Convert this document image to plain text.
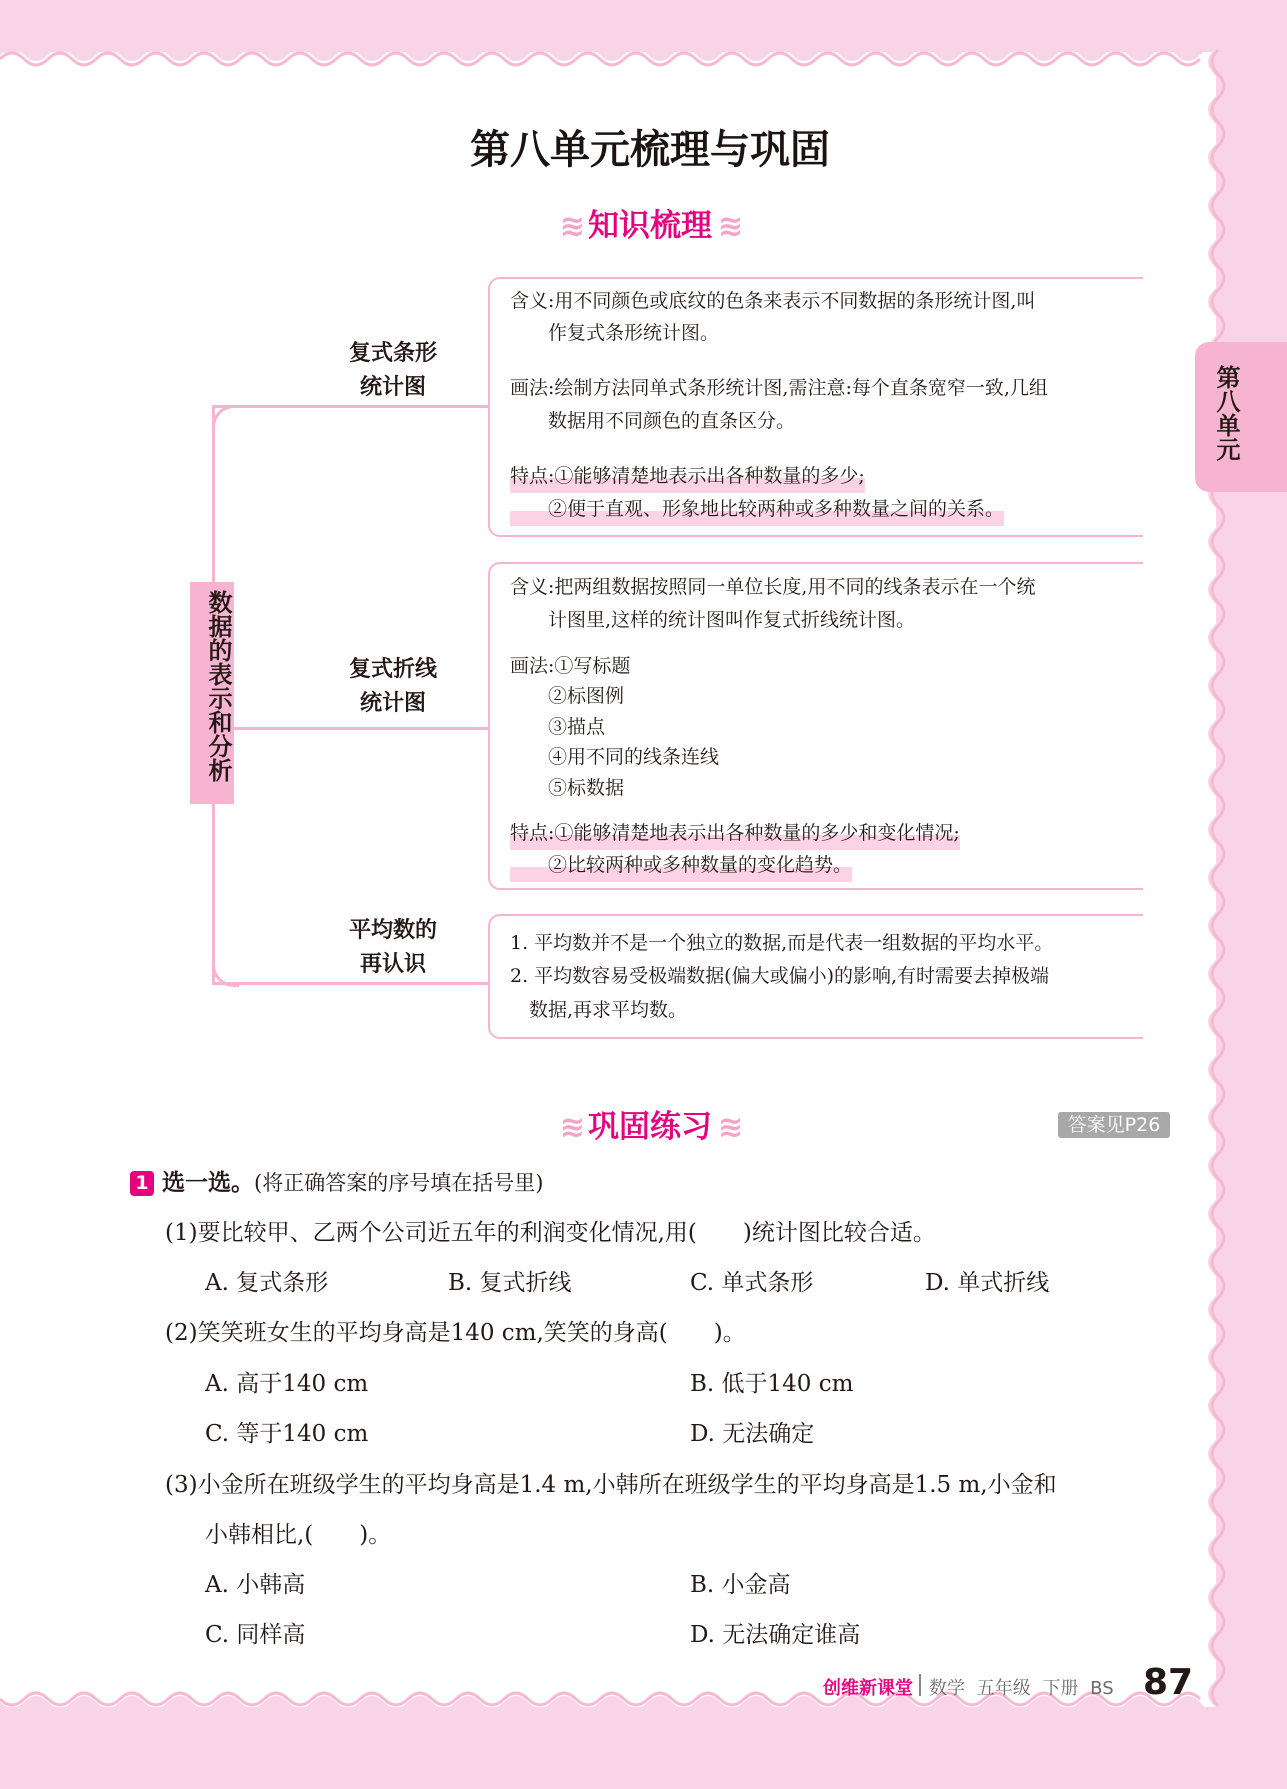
第八单元
第八单元梳理与巩固
≋ 知识梳理 ≋
数据的表示和分析
复式条形
统计图
复式折线
统计图
平均数的
再认识
含义:用不同颜色或底纹的色条来表示不同数据的条形统计图,叫
　　作复式条形统计图。
画法:绘制方法同单式条形统计图,需注意:每个直条宽窄一致,几组
　　数据用不同颜色的直条区分。
特点:①能够清楚地表示出各种数量的多少;
　　②便于直观、形象地比较两种或多种数量之间的关系。
含义:把两组数据按照同一单位长度,用不同的线条表示在一个统
　　计图里,这样的统计图叫作复式折线统计图。
画法:①写标题
　　②标图例
　　③描点
　　④用不同的线条连线
　　⑤标数据
特点:①能够清楚地表示出各种数量的多少和变化情况;
　　②比较两种或多种数量的变化趋势。
1. 平均数并不是一个独立的数据,而是代表一组数据的平均水平。
2. 平均数容易受极端数据(偏大或偏小)的影响,有时需要去掉极端
　数据,再求平均数。
≋ 巩固练习 ≋	答案见P26
1 选一选。(将正确答案的序号填在括号里)
(1)要比较甲、乙两个公司近五年的利润变化情况,用(　　)统计图比较合适。
A. 复式条形	B. 复式折线	C. 单式条形	D. 单式折线
(2)笑笑班女生的平均身高是140 cm,笑笑的身高(　　)。
A. 高于140 cm	B. 低于140 cm
C. 等于140 cm	D. 无法确定
(3)小金所在班级学生的平均身高是1.4 m,小韩所在班级学生的平均身高是1.5 m,小金和
小韩相比,(　　)。
A. 小韩高	B. 小金高
C. 同样高	D. 无法确定谁高
创维新课堂 数学 五年级 下册 BS 87
